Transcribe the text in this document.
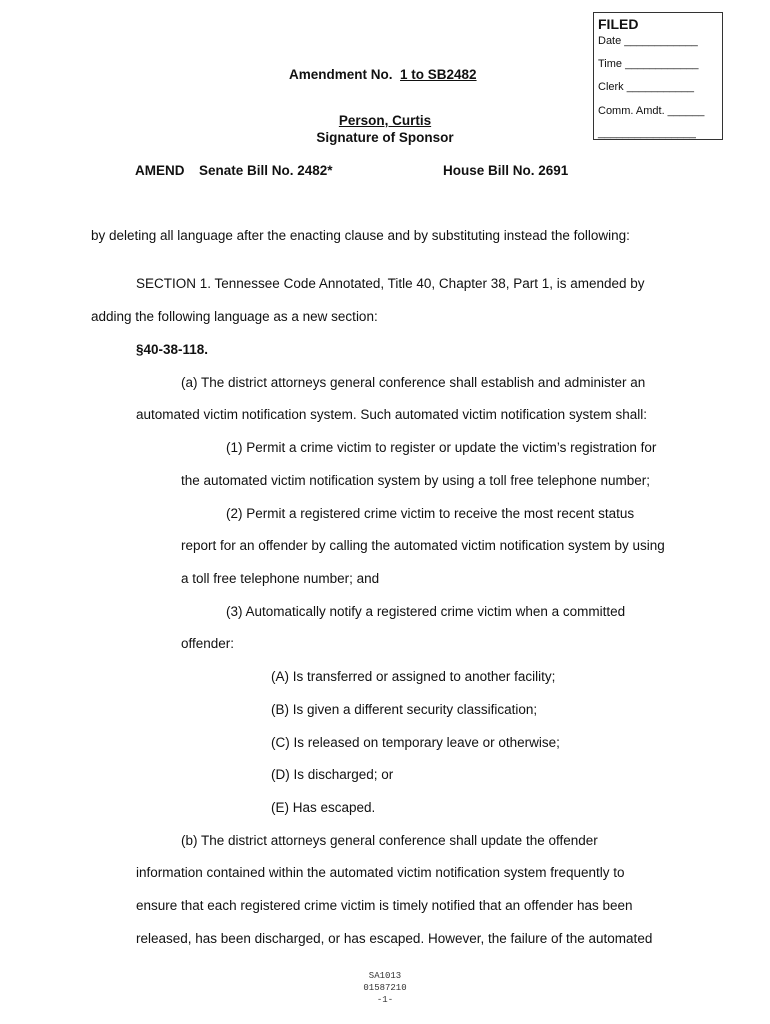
FILED
Date ____________
Time ____________
Clerk ___________
Comm. Amdt. ______
________________
Amendment No. 1 to SB2482
Person, Curtis
Signature of Sponsor
AMEND Senate Bill No. 2482*	House Bill No. 2691
by deleting all language after the enacting clause and by substituting instead the following:
SECTION 1. Tennessee Code Annotated, Title 40, Chapter 38, Part 1, is amended by
adding the following language as a new section:
§40-38-118.
(a) The district attorneys general conference shall establish and administer an
automated victim notification system. Such automated victim notification system shall:
(1) Permit a crime victim to register or update the victim’s registration for
the automated victim notification system by using a toll free telephone number;
(2) Permit a registered crime victim to receive the most recent status
report for an offender by calling the automated victim notification system by using
a toll free telephone number; and
(3) Automatically notify a registered crime victim when a committed
offender:
(A) Is transferred or assigned to another facility;
(B) Is given a different security classification;
(C) Is released on temporary leave or otherwise;
(D) Is discharged; or
(E) Has escaped.
(b) The district attorneys general conference shall update the offender
information contained within the automated victim notification system frequently to
ensure that each registered crime victim is timely notified that an offender has been
released, has been discharged, or has escaped. However, the failure of the automated
SA1013
01587210
-1-
